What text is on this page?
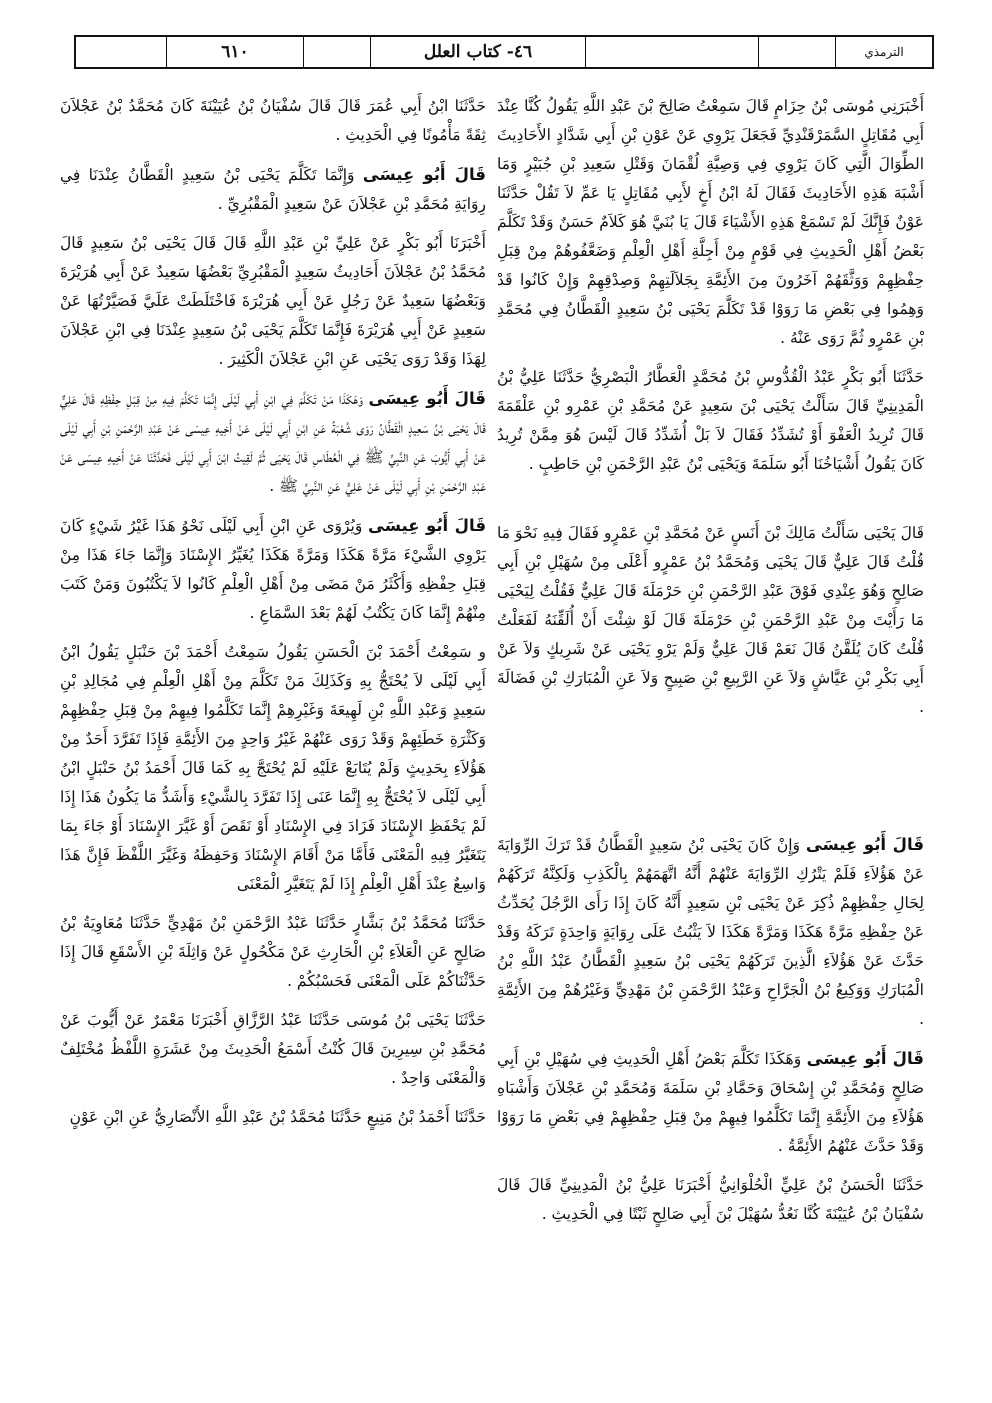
الترمذي
٤٦- كتاب العلل
٦١٠

أَخْبَرَنِي مُوسَى بْنُ حِزَامٍ قَالَ سَمِعْتُ صَالِحَ بْنَ عَبْدِ اللَّهِ يَقُولُ كُنَّا عِنْدَ أَبِي مُقَاتِلٍ السَّمَرْقَنْدِيِّ فَجَعَلَ يَرْوِي عَنْ عَوْنِ بْنِ أَبِي شَدَّادٍ الأَحَادِيثَ الطِّوَالَ الَّتِي كَانَ يَرْوِي فِي وَصِيَّةِ لُقْمَانَ وَقَتْلِ سَعِيدِ بْنِ جُبَيْرٍ وَمَا أَشْبَهَ هَذِهِ الأَحَادِيثَ فَقَالَ لَهُ ابْنُ أَخٍ لأَبِي مُقَاتِلٍ يَا عَمِّ لاَ تَقُلْ حَدَّثَنَا عَوْنٌ فَإِنَّكَ لَمْ تَسْمَعْ هَذِهِ الأَشْيَاءَ قَالَ يَا بُنَيَّ هُوَ كَلاَمٌ حَسَنٌ وَقَدْ تَكَلَّمَ بَعْضُ أَهْلِ الْحَدِيثِ فِي قَوْمٍ مِنْ أَجِلَّةِ أَهْلِ الْعِلْمِ وَضَعَّفُوهُمْ مِنْ قِبَلِ حِفْظِهِمْ وَوَثَّقَهُمْ آخَرُونَ مِنَ الأَئِمَّةِ بِجَلاَلَتِهِمْ وَصِدْقِهِمْ وَإِنْ كَانُوا قَدْ وَهِمُوا فِي بَعْضِ مَا رَوَوْا قَدْ تَكَلَّمَ يَحْيَى بْنُ سَعِيدٍ الْقَطَّانُ فِي مُحَمَّدِ بْنِ عَمْرٍو ثُمَّ رَوَى عَنْهُ .

حَدَّثَنَا أَبُو بَكْرٍ عَبْدُ الْقُدُّوسِ بْنُ مُحَمَّدٍ الْعَطَّارُ الْبَصْرِيُّ حَدَّثَنَا عَلِيُّ بْنُ الْمَدِينِيِّ قَالَ سَأَلْتُ يَحْيَى بْنَ سَعِيدٍ عَنْ مُحَمَّدِ بْنِ عَمْرِو بْنِ عَلْقَمَةَ قَالَ تُرِيدُ الْعَفْوَ أَوْ تُشَدِّدُ فَقَالَ لاَ بَلْ أُشَدِّدُ قَالَ لَيْسَ هُوَ مِمَّنْ تُرِيدُ كَانَ يَقُولُ أَشْيَاخُنَا أَبُو سَلَمَةَ وَيَحْيَى بْنُ عَبْدِ الرَّحْمَنِ بْنِ حَاطِبٍ .

قَالَ يَحْيَى سَأَلْتُ مَالِكَ بْنَ أَنَسٍ عَنْ مُحَمَّدِ بْنِ عَمْرٍو فَقَالَ فِيهِ نَحْوَ مَا قُلْتُ قَالَ عَلِيٌّ قَالَ يَحْيَى وَمُحَمَّدُ بْنُ عَمْرٍو أَعْلَى مِنْ سُهَيْلِ بْنِ أَبِي صَالِحٍ وَهُوَ عِنْدِي فَوْقَ عَبْدِ الرَّحْمَنِ بْنِ حَرْمَلَةَ قَالَ عَلِيٌّ فَقُلْتُ لِيَحْيَى مَا رَأَيْتَ مِنْ عَبْدِ الرَّحْمَنِ بْنِ حَرْمَلَةَ قَالَ لَوْ شِئْتَ أَنْ أُلَقِّنَهُ لَفَعَلْتُ قُلْتُ كَانَ يُلَقَّنُ قَالَ نَعَمْ قَالَ عَلِيٌّ وَلَمْ يَرْوِ يَحْيَى عَنْ شَرِيكٍ وَلاَ عَنْ أَبِي بَكْرِ بْنِ عَيَّاشٍ وَلاَ عَنِ الرَّبِيعِ بْنِ صَبِيحٍ وَلاَ عَنِ الْمُبَارَكِ بْنِ فَضَالَةَ .

قَالَ أَبُو عِيسَى وَإِنْ كَانَ يَحْيَى بْنُ سَعِيدٍ الْقَطَّانُ قَدْ تَرَكَ الرِّوَايَةَ عَنْ هَؤُلاَءِ فَلَمْ يَتْرُكِ الرِّوَايَةَ عَنْهُمْ أَنَّهُ اتَّهَمَهُمْ بِالْكَذِبِ وَلَكِنَّهُ تَرَكَهُمْ لِحَالِ حِفْظِهِمْ ذُكِرَ عَنْ يَحْيَى بْنِ سَعِيدٍ أَنَّهُ كَانَ إِذَا رَأَى الرَّجُلَ يُحَدِّثُ عَنْ حِفْظِهِ مَرَّةً هَكَذَا وَمَرَّةً هَكَذَا لاَ يَثْبُتُ عَلَى رِوَايَةٍ وَاحِدَةٍ تَرَكَهُ وَقَدْ حَدَّثَ عَنْ هَؤُلاَءِ الَّذِينَ تَرَكَهُمْ يَحْيَى بْنُ سَعِيدٍ الْقَطَّانُ عَبْدُ اللَّهِ بْنُ الْمُبَارَكِ وَوَكِيعُ بْنُ الْجَرَّاحِ وَعَبْدُ الرَّحْمَنِ بْنُ مَهْدِيٍّ وَغَيْرُهُمْ مِنَ الأَئِمَّةِ .

قَالَ أَبُو عِيسَى وَهَكَذَا تَكَلَّمَ بَعْضُ أَهْلِ الْحَدِيثِ فِي سُهَيْلِ بْنِ أَبِي صَالِحٍ وَمُحَمَّدِ بْنِ إِسْحَاقَ وَحَمَّادِ بْنِ سَلَمَةَ وَمُحَمَّدِ بْنِ عَجْلاَنَ وَأَشْبَاهِ هَؤُلاَءِ مِنَ الأَئِمَّةِ إِنَّمَا تَكَلَّمُوا فِيهِمْ مِنْ قِبَلِ حِفْظِهِمْ فِي بَعْضِ مَا رَوَوْا وَقَدْ حَدَّثَ عَنْهُمُ الأَئِمَّةُ .

حَدَّثَنَا الْحَسَنُ بْنُ عَلِيٍّ الْحُلْوَانِيُّ أَخْبَرَنَا عَلِيُّ بْنُ الْمَدِينِيِّ قَالَ قَالَ سُفْيَانُ بْنُ عُيَيْنَةَ كُنَّا نَعُدُّ سُهَيْلَ بْنَ أَبِي صَالِحٍ ثَبْتًا فِي الْحَدِيثِ .

حَدَّثَنَا ابْنُ أَبِي عُمَرَ قَالَ قَالَ سُفْيَانُ بْنُ عُيَيْنَةَ كَانَ مُحَمَّدُ بْنُ عَجْلاَنَ ثِقَةً مَأْمُونًا فِي الْحَدِيثِ .

قَالَ أَبُو عِيسَى وَإِنَّمَا تَكَلَّمَ يَحْيَى بْنُ سَعِيدٍ الْقَطَّانُ عِنْدَنَا فِي رِوَايَةِ مُحَمَّدِ بْنِ عَجْلاَنَ عَنْ سَعِيدٍ الْمَقْبُرِيِّ .

أَخْبَرَنَا أَبُو بَكْرٍ عَنْ عَلِيِّ بْنِ عَبْدِ اللَّهِ قَالَ قَالَ يَحْيَى بْنُ سَعِيدٍ قَالَ مُحَمَّدُ بْنُ عَجْلاَنَ أَحَادِيثُ سَعِيدٍ الْمَقْبُرِيِّ بَعْضُهَا سَعِيدٌ عَنْ أَبِي هُرَيْرَةَ وَبَعْضُهَا سَعِيدٌ عَنْ رَجُلٍ عَنْ أَبِي هُرَيْرَةَ فَاخْتَلَطَتْ عَلَيَّ فَصَيَّرْتُهَا عَنْ سَعِيدٍ عَنْ أَبِي هُرَيْرَةَ فَإِنَّمَا تَكَلَّمَ يَحْيَى بْنُ سَعِيدٍ عِنْدَنَا فِي ابْنِ عَجْلاَنَ لِهَذَا وَقَدْ رَوَى يَحْيَى عَنِ ابْنِ عَجْلاَنَ الْكَثِيرَ .

قَالَ أَبُو عِيسَى وَهَكَذَا مَنْ تَكَلَّمَ فِي ابْنِ أَبِي لَيْلَى إِنَّمَا تَكَلَّمَ فِيهِ مِنْ قِبَلِ حِفْظِهِ قَالَ عَلِيٌّ قَالَ يَحْيَى بْنُ سَعِيدٍ الْقَطَّانُ رَوَى شُعْبَةُ عَنِ ابْنِ أَبِي لَيْلَى عَنْ أَخِيهِ عِيسَى عَنْ عَبْدِ الرَّحْمَنِ بْنِ أَبِي لَيْلَى عَنْ أَبِي أَيُّوبَ عَنِ النَّبِيِّ ﷺ فِي الْعُطَاسِ قَالَ يَحْيَى ثُمَّ لَقِيتُ ابْنَ أَبِي لَيْلَى فَحَدَّثَنَا عَنْ أَخِيهِ عِيسَى عَنْ عَبْدِ الرَّحْمَنِ بْنِ أَبِي لَيْلَى عَنْ عَلِيٍّ عَنِ النَّبِيِّ ﷺ .

قَالَ أَبُو عِيسَى وَيُرْوَى عَنِ ابْنِ أَبِي لَيْلَى نَحْوُ هَذَا غَيْرُ شَيْءٍ كَانَ يَرْوِي الشَّيْءَ مَرَّةً هَكَذَا وَمَرَّةً هَكَذَا يُغَيِّرُ الإِسْنَادَ وَإِنَّمَا جَاءَ هَذَا مِنْ قِبَلِ حِفْظِهِ وَأَكْثَرُ مَنْ مَضَى مِنْ أَهْلِ الْعِلْمِ كَانُوا لاَ يَكْتُبُونَ وَمَنْ كَتَبَ مِنْهُمْ إِنَّمَا كَانَ يَكْتُبُ لَهُمْ بَعْدَ السَّمَاعِ .

و سَمِعْتُ أَحْمَدَ بْنَ الْحَسَنِ يَقُولُ سَمِعْتُ أَحْمَدَ بْنَ حَنْبَلٍ يَقُولُ ابْنُ أَبِي لَيْلَى لاَ يُحْتَجُّ بِهِ وَكَذَلِكَ مَنْ تَكَلَّمَ مِنْ أَهْلِ الْعِلْمِ فِي مُجَالِدِ بْنِ سَعِيدٍ وَعَبْدِ اللَّهِ بْنِ لَهِيعَةَ وَغَيْرِهِمْ إِنَّمَا تَكَلَّمُوا فِيهِمْ مِنْ قِبَلِ حِفْظِهِمْ وَكَثْرَةِ خَطَئِهِمْ وَقَدْ رَوَى عَنْهُمْ غَيْرُ وَاحِدٍ مِنَ الأَئِمَّةِ فَإِذَا تَفَرَّدَ أَحَدٌ مِنْ هَؤُلاَءِ بِحَدِيثٍ وَلَمْ يُتَابَعْ عَلَيْهِ لَمْ يُحْتَجَّ بِهِ كَمَا قَالَ أَحْمَدُ بْنُ حَنْبَلٍ ابْنُ أَبِي لَيْلَى لاَ يُحْتَجُّ بِهِ إِنَّمَا عَنَى إِذَا تَفَرَّدَ بِالشَّيْءِ وَأَشَدُّ مَا يَكُونُ هَذَا إِذَا لَمْ يَحْفَظِ الإِسْنَادَ فَزَادَ فِي الإِسْنَادِ أَوْ نَقَصَ أَوْ غَيَّرَ الإِسْنَادَ أَوْ جَاءَ بِمَا يَتَغَيَّرُ فِيهِ الْمَعْنَى فَأَمَّا مَنْ أَقَامَ الإِسْنَادَ وَحَفِظَهُ وَغَيَّرَ اللَّفْظَ فَإِنَّ هَذَا وَاسِعٌ عِنْدَ أَهْلِ الْعِلْمِ إِذَا لَمْ يَتَغَيَّرِ الْمَعْنَى

حَدَّثَنَا مُحَمَّدُ بْنُ بَشَّارٍ حَدَّثَنَا عَبْدُ الرَّحْمَنِ بْنُ مَهْدِيٍّ حَدَّثَنَا مُعَاوِيَةُ بْنُ صَالِحٍ عَنِ الْعَلاَءِ بْنِ الْحَارِثِ عَنْ مَكْحُولٍ عَنْ وَاثِلَةَ بْنِ الأَسْقَعِ قَالَ إِذَا حَدَّثْنَاكُمْ عَلَى الْمَعْنَى فَحَسْبُكُمْ .

حَدَّثَنَا يَحْيَى بْنُ مُوسَى حَدَّثَنَا عَبْدُ الرَّزَّاقِ أَخْبَرَنَا مَعْمَرٌ عَنْ أَيُّوبَ عَنْ مُحَمَّدِ بْنِ سِيرِينَ قَالَ كُنْتُ أَسْمَعُ الْحَدِيثَ مِنْ عَشَرَةٍ اللَّفْظُ مُخْتَلِفٌ وَالْمَعْنَى وَاحِدٌ .

حَدَّثَنَا أَحْمَدُ بْنُ مَنِيعٍ حَدَّثَنَا مُحَمَّدُ بْنُ عَبْدِ اللَّهِ الأَنْصَارِيُّ عَنِ ابْنِ عَوْنٍ
